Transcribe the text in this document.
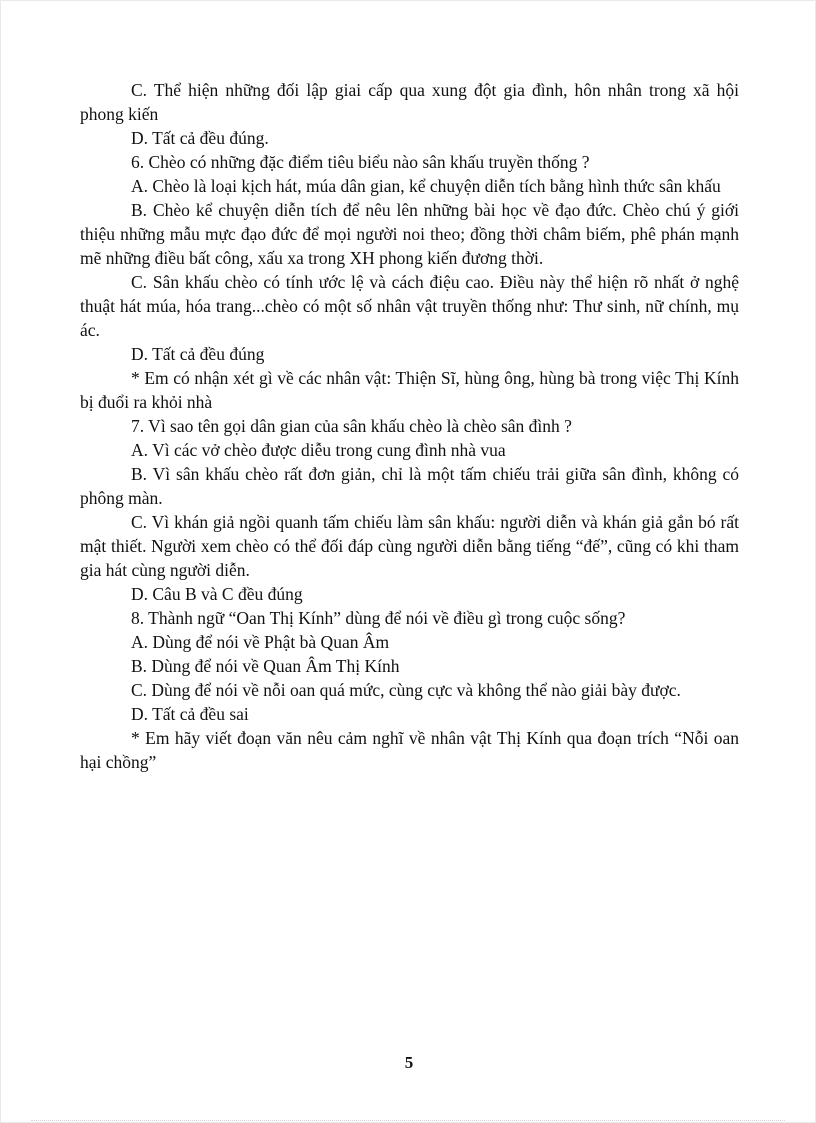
C. Thể hiện những đối lập giai cấp qua xung đột gia đình, hôn nhân trong xã hội phong kiến

D. Tất cả đều đúng.

6. Chèo có những đặc điểm tiêu biểu nào sân khấu truyền thống ?

A. Chèo là loại kịch hát, múa dân gian, kể chuyện diễn tích bằng hình thức sân khấu

B. Chèo kể chuyện diễn tích để nêu lên những bài học về đạo đức. Chèo chú ý giới thiệu những mẫu mực đạo đức để mọi người noi theo; đồng thời châm biếm, phê phán mạnh mẽ những điều bất công, xấu xa trong XH phong kiến đương thời.

C. Sân khấu chèo có tính ước lệ và cách điệu cao. Điều này thể hiện rõ nhất ở nghệ thuật hát múa, hóa trang...chèo có một số nhân vật truyền thống như: Thư sinh, nữ chính, mụ ác.

D. Tất cả đều đúng

* Em có nhận xét gì về các nhân vật: Thiện Sĩ, hùng ông, hùng bà trong việc Thị Kính bị đuổi ra khỏi nhà

7. Vì sao tên gọi dân gian của sân khấu chèo là chèo sân đình ?

A. Vì các vở chèo được diễu trong cung đình nhà vua

B. Vì sân khấu chèo rất đơn giản, chỉ là một tấm chiếu trải giữa sân đình, không có phông màn.

C. Vì khán giả ngồi quanh tấm chiếu làm sân khấu: người diễn và khán giả gắn bó rất mật thiết. Người xem chèo có thể đối đáp cùng người diễn bằng tiếng “đế”, cũng có khi tham gia hát cùng người diễn.

D. Câu B và C đều đúng

8. Thành ngữ “Oan Thị Kính” dùng để nói về điều gì trong cuộc sống?

A. Dùng để nói về Phật bà Quan Âm

B. Dùng để nói về Quan Âm Thị Kính

C. Dùng để nói về nỗi oan quá mức, cùng cực và không thể nào giải bày được.

D. Tất cả đều sai

* Em hãy viết đoạn văn nêu cảm nghĩ về nhân vật Thị Kính qua đoạn trích “Nỗi oan hại chồng”

5
